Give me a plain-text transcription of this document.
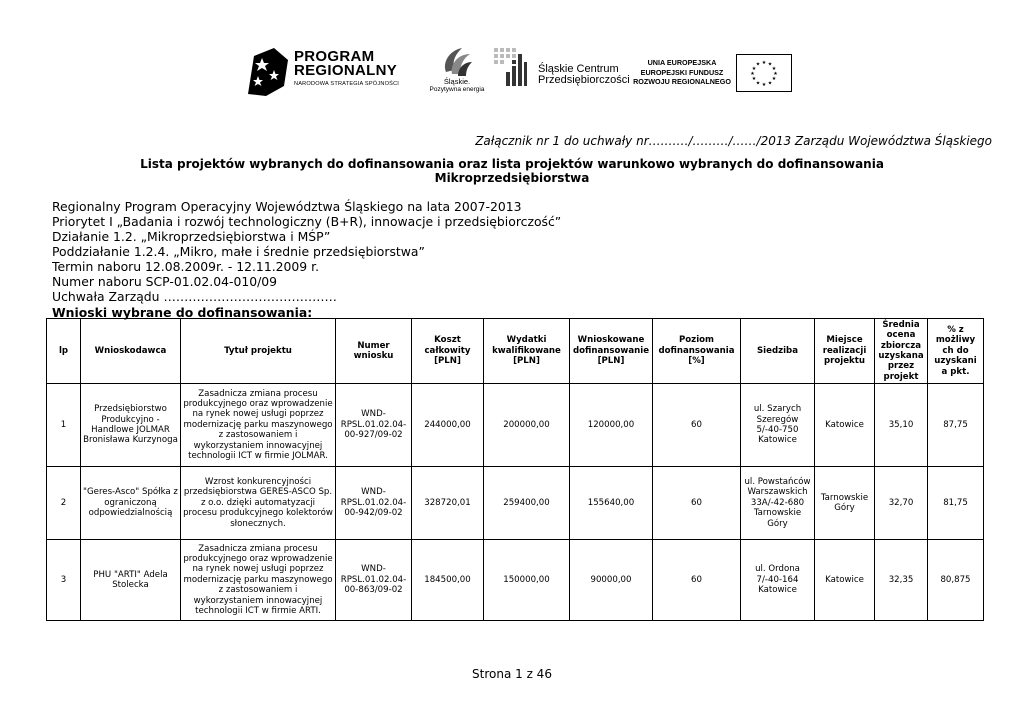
PROGRAM
REGIONALNY
NARODOWA STRATEGIA SPÓJNOŚCI	Śląskie.
Pozytywna energia
Śląskie Centrum
Przedsiębiorczości
UNIA EUROPEJSKA
EUROPEJSKI FUNDUSZ
ROZWOJU REGIONALNEGO
★ ★
★
★
★
★
★
★
★
★
★
★
Załącznik nr 1 do uchwały nr….……/………/……/2013 Zarządu Województwa Śląskiego
Lista projektów wybranych do dofinansowania oraz lista projektów warunkowo wybranych do dofinansowania
Mikroprzedsiębiorstwa
Regionalny Program Operacyjny Województwa Śląskiego na lata 2007-2013
Priorytet I „Badania i rozwój technologiczny (B+R), innowacje i przedsiębiorczość”
Działanie 1.2. „Mikroprzedsiębiorstwa i MŚP”
Poddziałanie 1.2.4. „Mikro, małe i średnie przedsiębiorstwa”
Termin naboru 12.08.2009r. - 12.11.2009 r.
Numer naboru SCP-01.02.04-010/09
Uchwała Zarządu ……………………………………
Wnioski wybrane do dofinansowania:
lp	Wnioskodawca	Tytuł projektu	Numer wniosku	Koszt całkowity [PLN]	Wydatki kwalifikowane [PLN]	Wnioskowane dofinansowanie [PLN]	Poziom dofinansowania [%]	Siedziba	Miejsce realizacji projektu	Średnia ocena zbiorcza uzyskana przez projekt	% z możliwy ch do uzyskani a pkt.
1	Przedsiębiorstwo Produkcyjno - Handlowe JOLMAR Bronisława Kurzynoga	Zasadnicza zmiana procesu produkcyjnego oraz wprowadzenie na rynek nowej usługi poprzez modernizację parku maszynowego z zastosowaniem i wykorzystaniem innowacyjnej technologii ICT w firmie JOLMAR.	WND-RPSL.01.02.04-00-927/09-02	244000,00	200000,00	120000,00	60	ul. Szarych Szeregów 5/-40-750 Katowice	Katowice	35,10	87,75
2	"Geres-Asco" Spółka z ograniczoną odpowiedzialnością	Wzrost konkurencyjności przedsiębiorstwa GERES-ASCO Sp. z o.o. dzięki automatyzacji procesu produkcyjnego kolektorów słonecznych.	WND-RPSL.01.02.04-00-942/09-02	328720,01	259400,00	155640,00	60	ul. Powstańców Warszawskich 33A/-42-680 Tarnowskie Góry	Tarnowskie Góry	32,70	81,75
3	PHU "ARTI" Adela Stolecka	Zasadnicza zmiana procesu produkcyjnego oraz wprowadzenie na rynek nowej usługi poprzez modernizację parku maszynowego z zastosowaniem i wykorzystaniem innowacyjnej technologii ICT w firmie ARTI.	WND-RPSL.01.02.04-00-863/09-02	184500,00	150000,00	90000,00	60	ul. Ordona 7/-40-164 Katowice	Katowice	32,35	80,875
Strona 1 z 46
